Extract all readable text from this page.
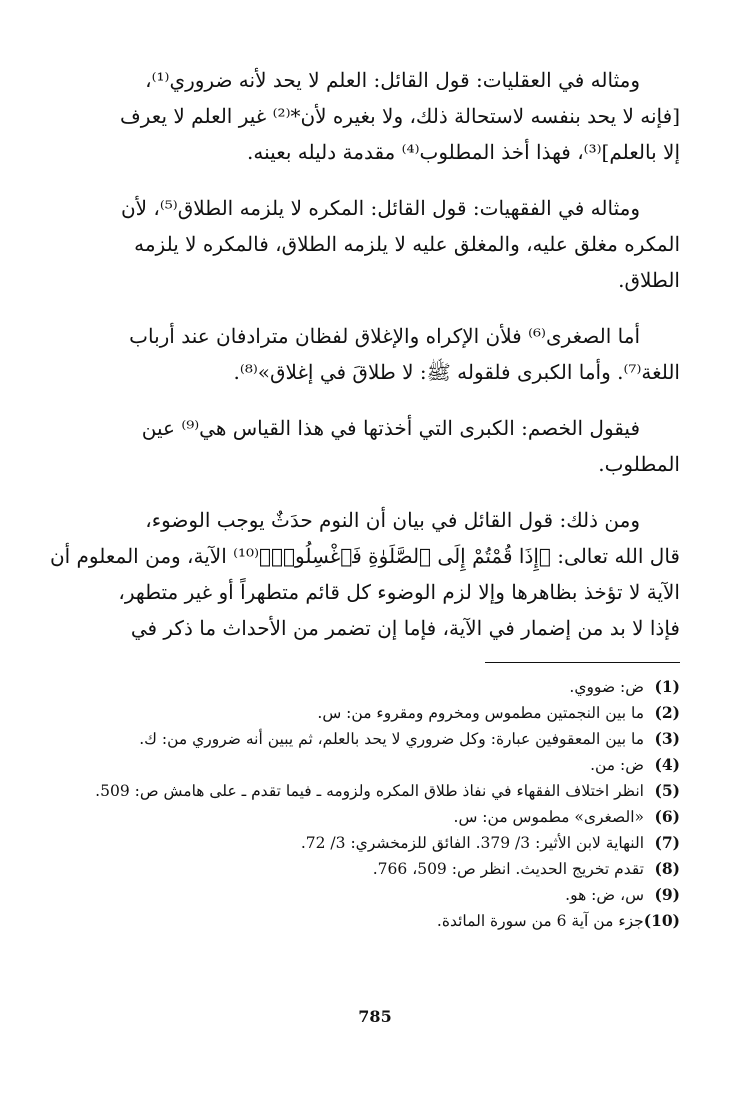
ومثاله في العقليات: قول القائل: العلم لا يحد لأنه ضروري⁽¹⁾،
[فإنه لا يحد بنفسه لاستحالة ذلك، ولا بغيره لأن*⁽²⁾ غير العلم لا يعرف
إلا بالعلم]⁽³⁾، فهذا أخذ المطلوب⁽⁴⁾ مقدمة دليله بعينه.

ومثاله في الفقهيات: قول القائل: المكره لا يلزمه الطلاق⁽⁵⁾، لأن
المكره مغلق عليه، والمغلق عليه لا يلزمه الطلاق، فالمكره لا يلزمه
الطلاق.

أما الصغرى⁽⁶⁾ فلأن الإكراه والإغلاق لفظان مترادفان عند أرباب
اللغة⁽⁷⁾. وأما الكبرى فلقوله ﷺ: لا طلاقَ في إغلاق»⁽⁸⁾.

فيقول الخصم: الكبرى التي أخذتها في هذا القياس هي⁽⁹⁾ عين
المطلوب.

ومن ذلك: قول القائل في بيان أن النوم حدَثٌ يوجب الوضوء،
قال الله تعالى: ﴿إِذَا قُمْتُمْ إِلَى ٱلصَّلَوٰةِ فَٱغْسِلُوا۟﴾⁽¹⁰⁾ الآية، ومن المعلوم أن
الآية لا تؤخذ بظاهرها وإلا لزم الوضوء كل قائم متطهراً أو غير متطهر،
فإذا لا بد من إضمار في الآية، فإما إن تضمر من الأحداث ما ذكر في

(1)
ض: ضووي.
(2)
ما بين النجمتين مطموس ومخروم ومقروء من: س.
(3)
ما بين المعقوفين عبارة: وكل ضروري لا يحد بالعلم، ثم يبين أنه ضروري من: ك.
(4)
ض: من.
(5)
انظر اختلاف الفقهاء في نفاذ طلاق المكره ولزومه ـ فيما تقدم ـ على هامش ص: 509.
(6)
«الصغرى» مطموس من: س.
(7)
النهاية لابن الأثير: 3/ 379. الفائق للزمخشري: 3/ 72.
(8)
تقدم تخريج الحديث. انظر ص: 509، 766.
(9)
س، ض: هو.
(10)
جزء من آية 6 من سورة المائدة.
785
